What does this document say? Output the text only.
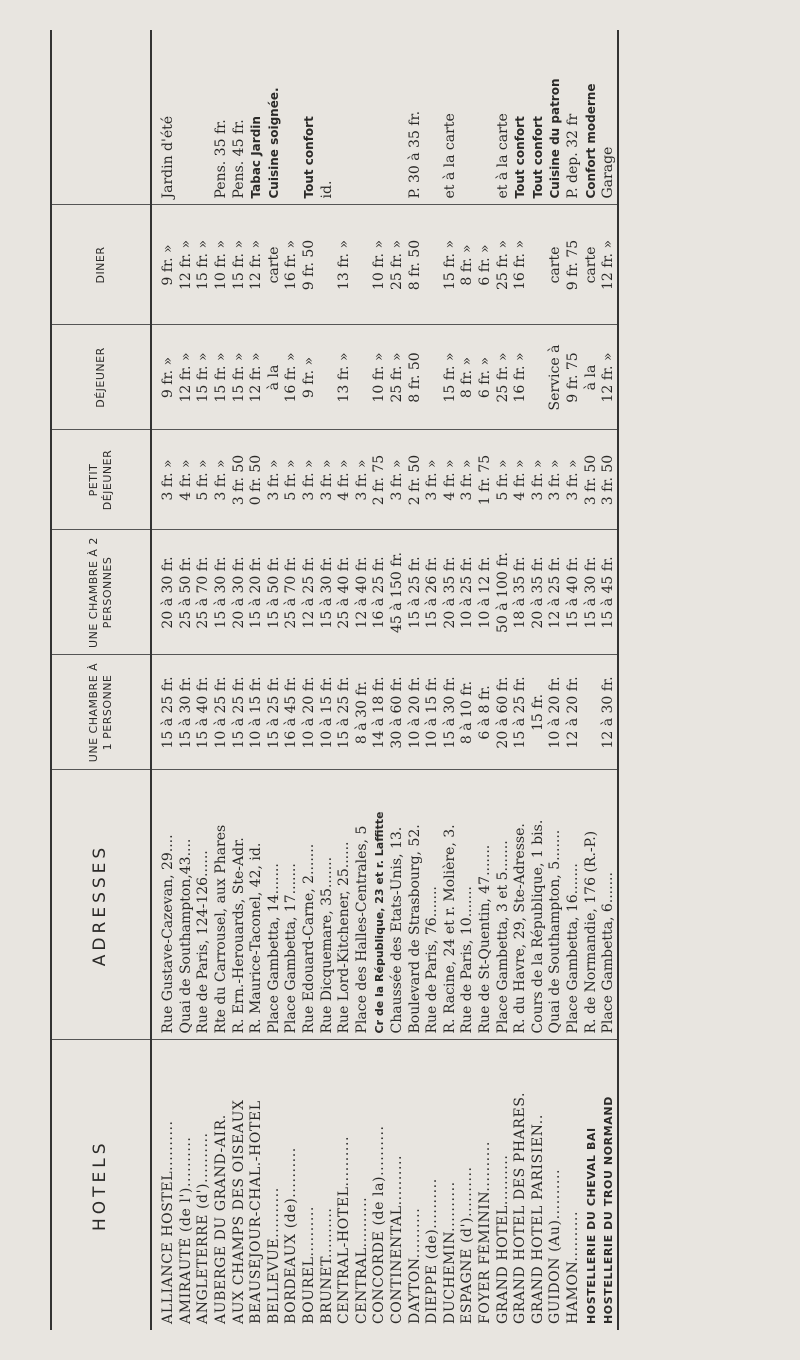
HOTELS	ADRESSES	UNE CHAMBRE À 1 PERSONNE	UNE CHAMBRE À 2 PERSONNES	PETIT DÉJEUNER	DÉJEUNER	DINER	
ALLIANCE HOSTEL..........	Rue Gustave-Cazevan, 29....	15 à 25 fr.	20 à 30 fr.	3 fr. »	9 fr. »	9 fr. »	Jardin d'été
AMIRAUTÉ (de l')..........	Quai de Southampton,43....	15 à 30 fr.	25 à 50 fr.	4 fr. »	12 fr. »	12 fr. »	
ANGLETERRE (d')..........	Rue de Paris, 124-126......	15 à 40 fr.	25 à 70 fr.	5 fr. »	15 fr. »	15 fr. »	
AUBERGE DU GRAND-AIR.	Rte du Carrousel, aux Phares	10 à 25 fr.	15 à 30 fr.	3 fr. »	15 fr. »	10 fr. »	Pens. 35 fr.
AUX CHAMPS DES OISEAUX	R. Ern.-Herouards, Ste-Adr.	15 à 25 fr.	20 à 30 fr.	3 fr. 50	15 fr. »	15 fr. »	Pens. 45 fr.
BEAUSÉJOUR-CHAL.-HOTEL	R. Maurice-Taconel, 42, id.	10 à 15 fr.	15 à 20 fr.	0 fr. 50	12 fr. »	12 fr. »	Tabac Jardin
BELLEVUE..........	Place Gambetta, 14.......	15 à 25 fr.	15 à 50 fr.	3 fr. »	à la	carte	Cuisine soignée.
BORDEAUX (de)..........	Place Gambetta, 17.......	16 à 45 fr.	25 à 70 fr.	5 fr. »	16 fr. »	16 fr. »	
BOUREL..........	Rue Edouard-Carne, 2.......	10 à 20 fr.	12 à 25 fr.	3 fr. »	9 fr. »	9 fr. 50	Tout confort
BRUNET..........	Rue Dicquemare, 35.......	10 à 15 fr.	15 à 30 fr.	3 fr. »			id.
CENTRAL-HOTEL..........	Rue Lord-Kitchener, 25......	15 à 25 fr.	25 à 40 fr.	4 fr. »	13 fr. »	13 fr. »	
CENTRAL..........	Place des Halles-Centrales, 5	8 à 30 fr.	12 à 40 fr.	3 fr. »			
CONCORDE (de la)..........	Cr de la République, 23 et r. Laffitte	14 à 18 fr.	16 à 25 fr.	2 fr. 75	10 fr. »	10 fr. »	
CONTINENTAL..........	Chaussée des Etats-Unis, 13.	30 à 60 fr.	45 à 150 fr.	3 fr. »	25 fr. »	25 fr. »	
DAYTON..........	Boulevard de Strasbourg, 52.	10 à 20 fr.	15 à 25 fr.	2 fr. 50	8 fr. 50	8 fr. 50	P. 30 à 35 fr.
DIEPPE (de)..........	Rue de Paris, 76.......	10 à 15 fr.	15 à 26 fr.	3 fr. »			
DUCHEMIN..........	R. Racine, 24 et r. Molière, 3.	15 à 30 fr.	20 à 35 fr.	4 fr. »	15 fr. »	15 fr. »	et à la carte
ESPAGNE (d')..........	Rue de Paris, 10.......	8 à 10 fr.	10 à 25 fr.	3 fr. »	8 fr. »	8 fr. »	
FOYER FÉMININ..........	Rue de St-Quentin, 47.......	6 à 8 fr.	10 à 12 fr.	1 fr. 75	6 fr. »	6 fr. »	
GRAND HOTEL..........	Place Gambetta, 3 et 5.......	20 à 60 fr.	50 à 100 fr.	5 fr. »	25 fr. »	25 fr. »	et à la carte
GRAND HOTEL DES PHARES.	R. du Havre, 29, Ste-Adresse.	15 à 25 fr.	18 à 35 fr.	4 fr. »	16 fr. »	16 fr. »	Tout confort
GRAND HOTEL PARISIEN..	Cours de la République, 1 bis.	15 fr.	20 à 35 fr.	3 fr. »			Tout confort
GUIDON (Au)..........	Quai de Southampton, 5.......	10 à 20 fr.	12 à 25 fr.	3 fr. »	Service à	carte	Cuisine du patron
HAMON..........	Place Gambetta, 16.......	12 à 20 fr.	15 à 40 fr.	3 fr. »	9 fr. 75	9 fr. 75	P. dep. 32 fr
HOSTELLERIE DU CHEVAL BAI	R. de Normandie, 176 (R.-P.)		15 à 30 fr.	3 fr. 50	à la	carte	Confort moderne
HOSTELLERIE DU TROU NORMAND	Place Gambetta, 6.......	12 à 30 fr.	15 à 45 fr.	3 fr. 50	12 fr. »	12 fr. »	Garage
